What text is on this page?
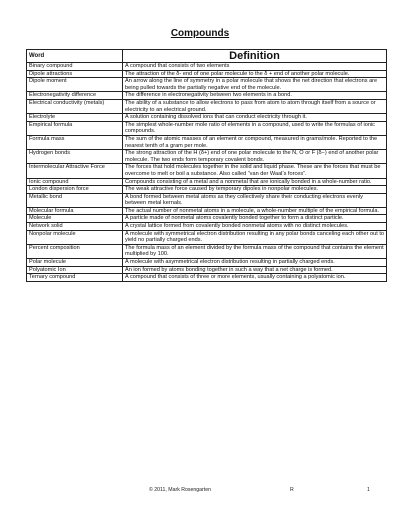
Compounds
Word	Definition
Binary compound	A compound that consists of two elements
Dipole attractions	The attraction of the δ- end of one polar molecule to the δ + end of another polar molecule.
Dipole moment	An arrow along the line of symmetry in a polar molecule that shows the net direction that electrons are being pulled towards the partially negative end of the molecule.
Electronegativity difference	The difference in electronegativity between two elements in a bond.
Electrical conductivity (metals)	The ability of a substance to allow electrons to pass from atom to atom through itself from a source or electricity to an electrical ground.
Electrolyte	A solution containing dissolved ions that can conduct electricity through it.
Empirical formula	The simplest whole-number mole ratio of elements in a compound, used to write the formulas of ionic compounds.
Formula mass	The sum of the atomic masses of an element or compound, measured in grams/mole. Reported to the nearest tenth of a gram per mole.
Hydrogen bonds	The strong attraction of the H (δ+) end of one polar molecule to the N, O or F (δ−) end of another polar molecule. The two ends form temporary covalent bonds.
Intermolecular Attractive Force	The forces that hold molecules together in the solid and liquid phase. These are the forces that must be overcome to melt or boil a substance. Also called “van der Waal’s forces”.
Ionic compound	Compounds consisting of a metal and a nonmetal that are ionically bonded in a whole-number ratio.
London dispersion force	The weak attractive force caused by temporary dipoles in nonpolar molecules.
Metallic bond	A bond formed between metal atoms as they collectively share their conducting electrons evenly between metal kernals.
Molecular formula	The actual number of nonmetal atoms in a molecule, a whole-number multiple of the empirical formula.
Molecule	A particle made of nonmetal atoms covalently bonded together to form a distinct particle.
Network solid	A crystal lattice formed from covalently bonded nonmetal atoms with no distinct molecules.
Nonpolar molecule	A molecule with symmetrical electron distribution resulting in any polar bonds canceling each other out to yield no partially charged ends.
Percent composition	The formula mass of an element divided by the formula mass of the compound that contains the element multiplied by 100.
Polar molecule	A molecule with asymmetrical electron distribution resulting in partially charged ends.
Polyatomic Ion	An ion formed by atoms bonding together in such a way that a net charge is formed.
Ternary compound	A compound that consists of three or more elements, usually containing a polyatomic ion.
© 2011, Mark Rosengarten	R	1
